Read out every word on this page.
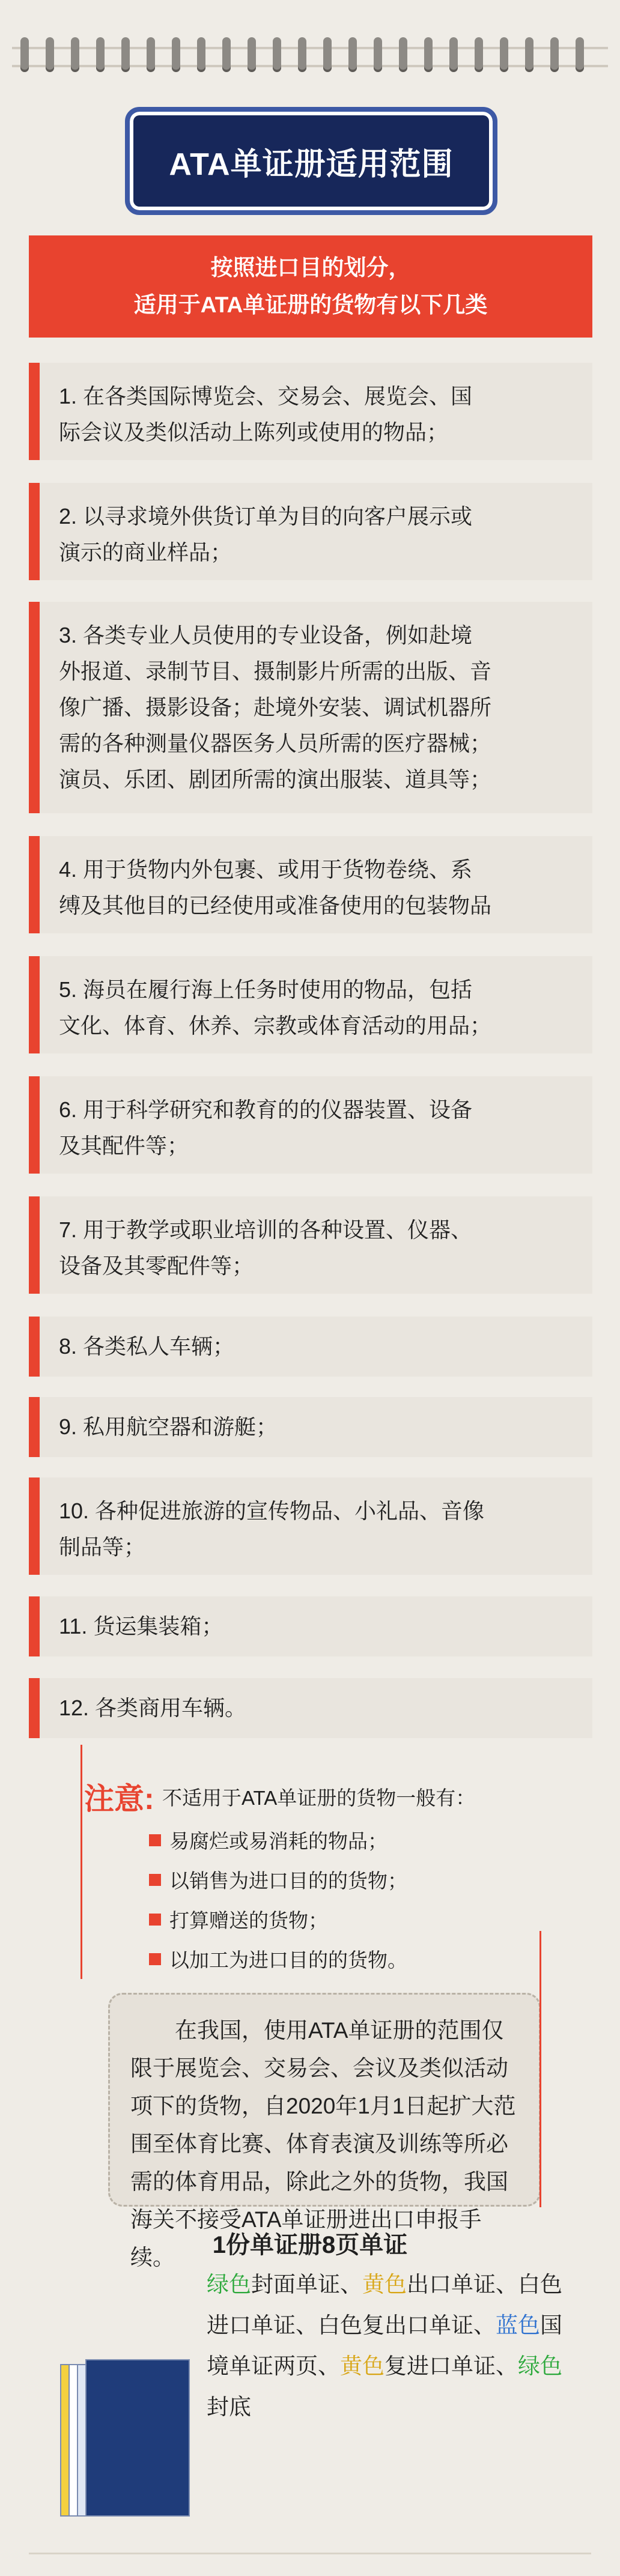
ATA单证册适用范围
按照进口目的划分，
适用于ATA单证册的货物有以下几类
1. 在各类国际博览会、交易会、展览会、国
际会议及类似活动上陈列或使用的物品；
2. 以寻求境外供货订单为目的向客户展示或
演示的商业样品；
3. 各类专业人员使用的专业设备，例如赴境
外报道、录制节目、摄制影片所需的出版、音
像广播、摄影设备；赴境外安装、调试机器所
需的各种测量仪器医务人员所需的医疗器械；
演员、乐团、剧团所需的演出服装、道具等；
4. 用于货物内外包裹、或用于货物卷绕、系
缚及其他目的已经使用或准备使用的包装物品
5. 海员在履行海上任务时使用的物品，包括
文化、体育、休养、宗教或体育活动的用品；
6. 用于科学研究和教育的的仪器装置、设备
及其配件等；
7. 用于教学或职业培训的各种设置、仪器、
设备及其零配件等；
8. 各类私人车辆；
9. 私用航空器和游艇；
10. 各种促进旅游的宣传物品、小礼品、音像
制品等；
11. 货运集装箱；
12. 各类商用车辆。
注意: 不适用于ATA单证册的货物一般有：
易腐烂或易消耗的物品；
以销售为进口目的的货物；
打算赠送的货物；
以加工为进口目的的货物。
在我国，使用ATA单证册的范围仅限于展览会、交易会、会议及类似活动项下的货物，自2020年1月1日起扩大范围至体育比赛、体育表演及训练等所必需的体育用品，除此之外的货物，我国海关不接受ATA单证册进出口申报手续。	1份单证册8页单证
绿色封面单证、黄色出口单证、白色进口单证、白色复出口单证、蓝色国境单证两页、黄色复进口单证、绿色封底
